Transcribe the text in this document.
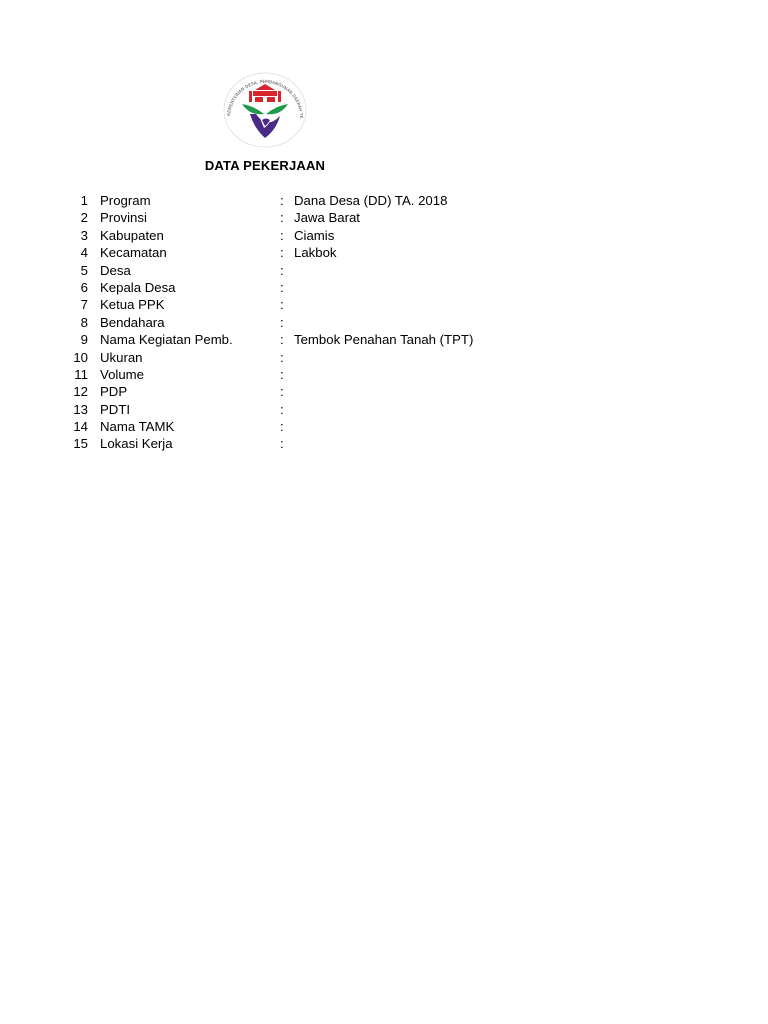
KEMENTERIAN DESA, PEMBANGUNAN DAERAH TE
DATA PEKERJAAN
1 Program	: Dana Desa (DD) TA. 2018
2 Provinsi	: Jawa Barat
3 Kabupaten	: Ciamis
4 Kecamatan	: Lakbok
5 Desa	:
6 Kepala Desa	:
7 Ketua PPK	:
8 Bendahara	:
9 Nama Kegiatan Pemb.	: Tembok Penahan Tanah (TPT)
10 Ukuran	:
11 Volume	:
12 PDP	:
13 PDTI	:
14 Nama TAMK	:
15 Lokasi Kerja	:
